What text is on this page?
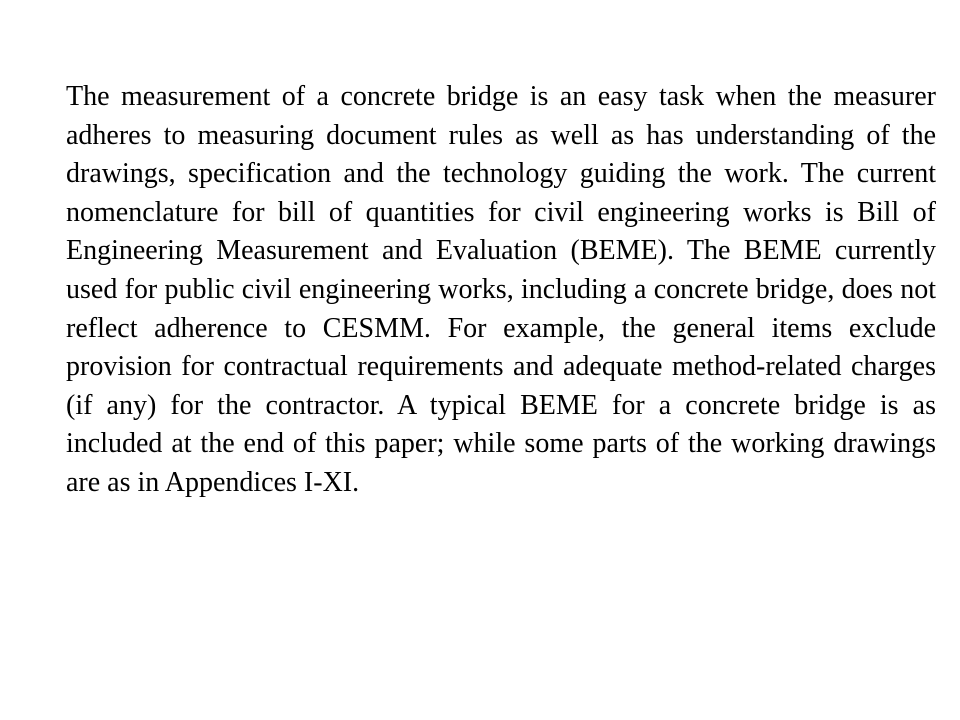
The measurement of a concrete bridge is an easy task when the measurer adheres to measuring document rules as well as has understanding of the drawings, specification and the technology guiding the work. The current nomenclature for bill of quantities for civil engineering works is Bill of Engineering Measurement and Evaluation (BEME). The BEME currently used for public civil engineering works, including a concrete bridge, does not reflect adherence to CESMM. For example, the general items exclude provision for contractual requirements and adequate method-related charges (if any) for the contractor. A typical BEME for a concrete bridge is as included at the end of this paper; while some parts of the working drawings are as in Appendices I-XI.
